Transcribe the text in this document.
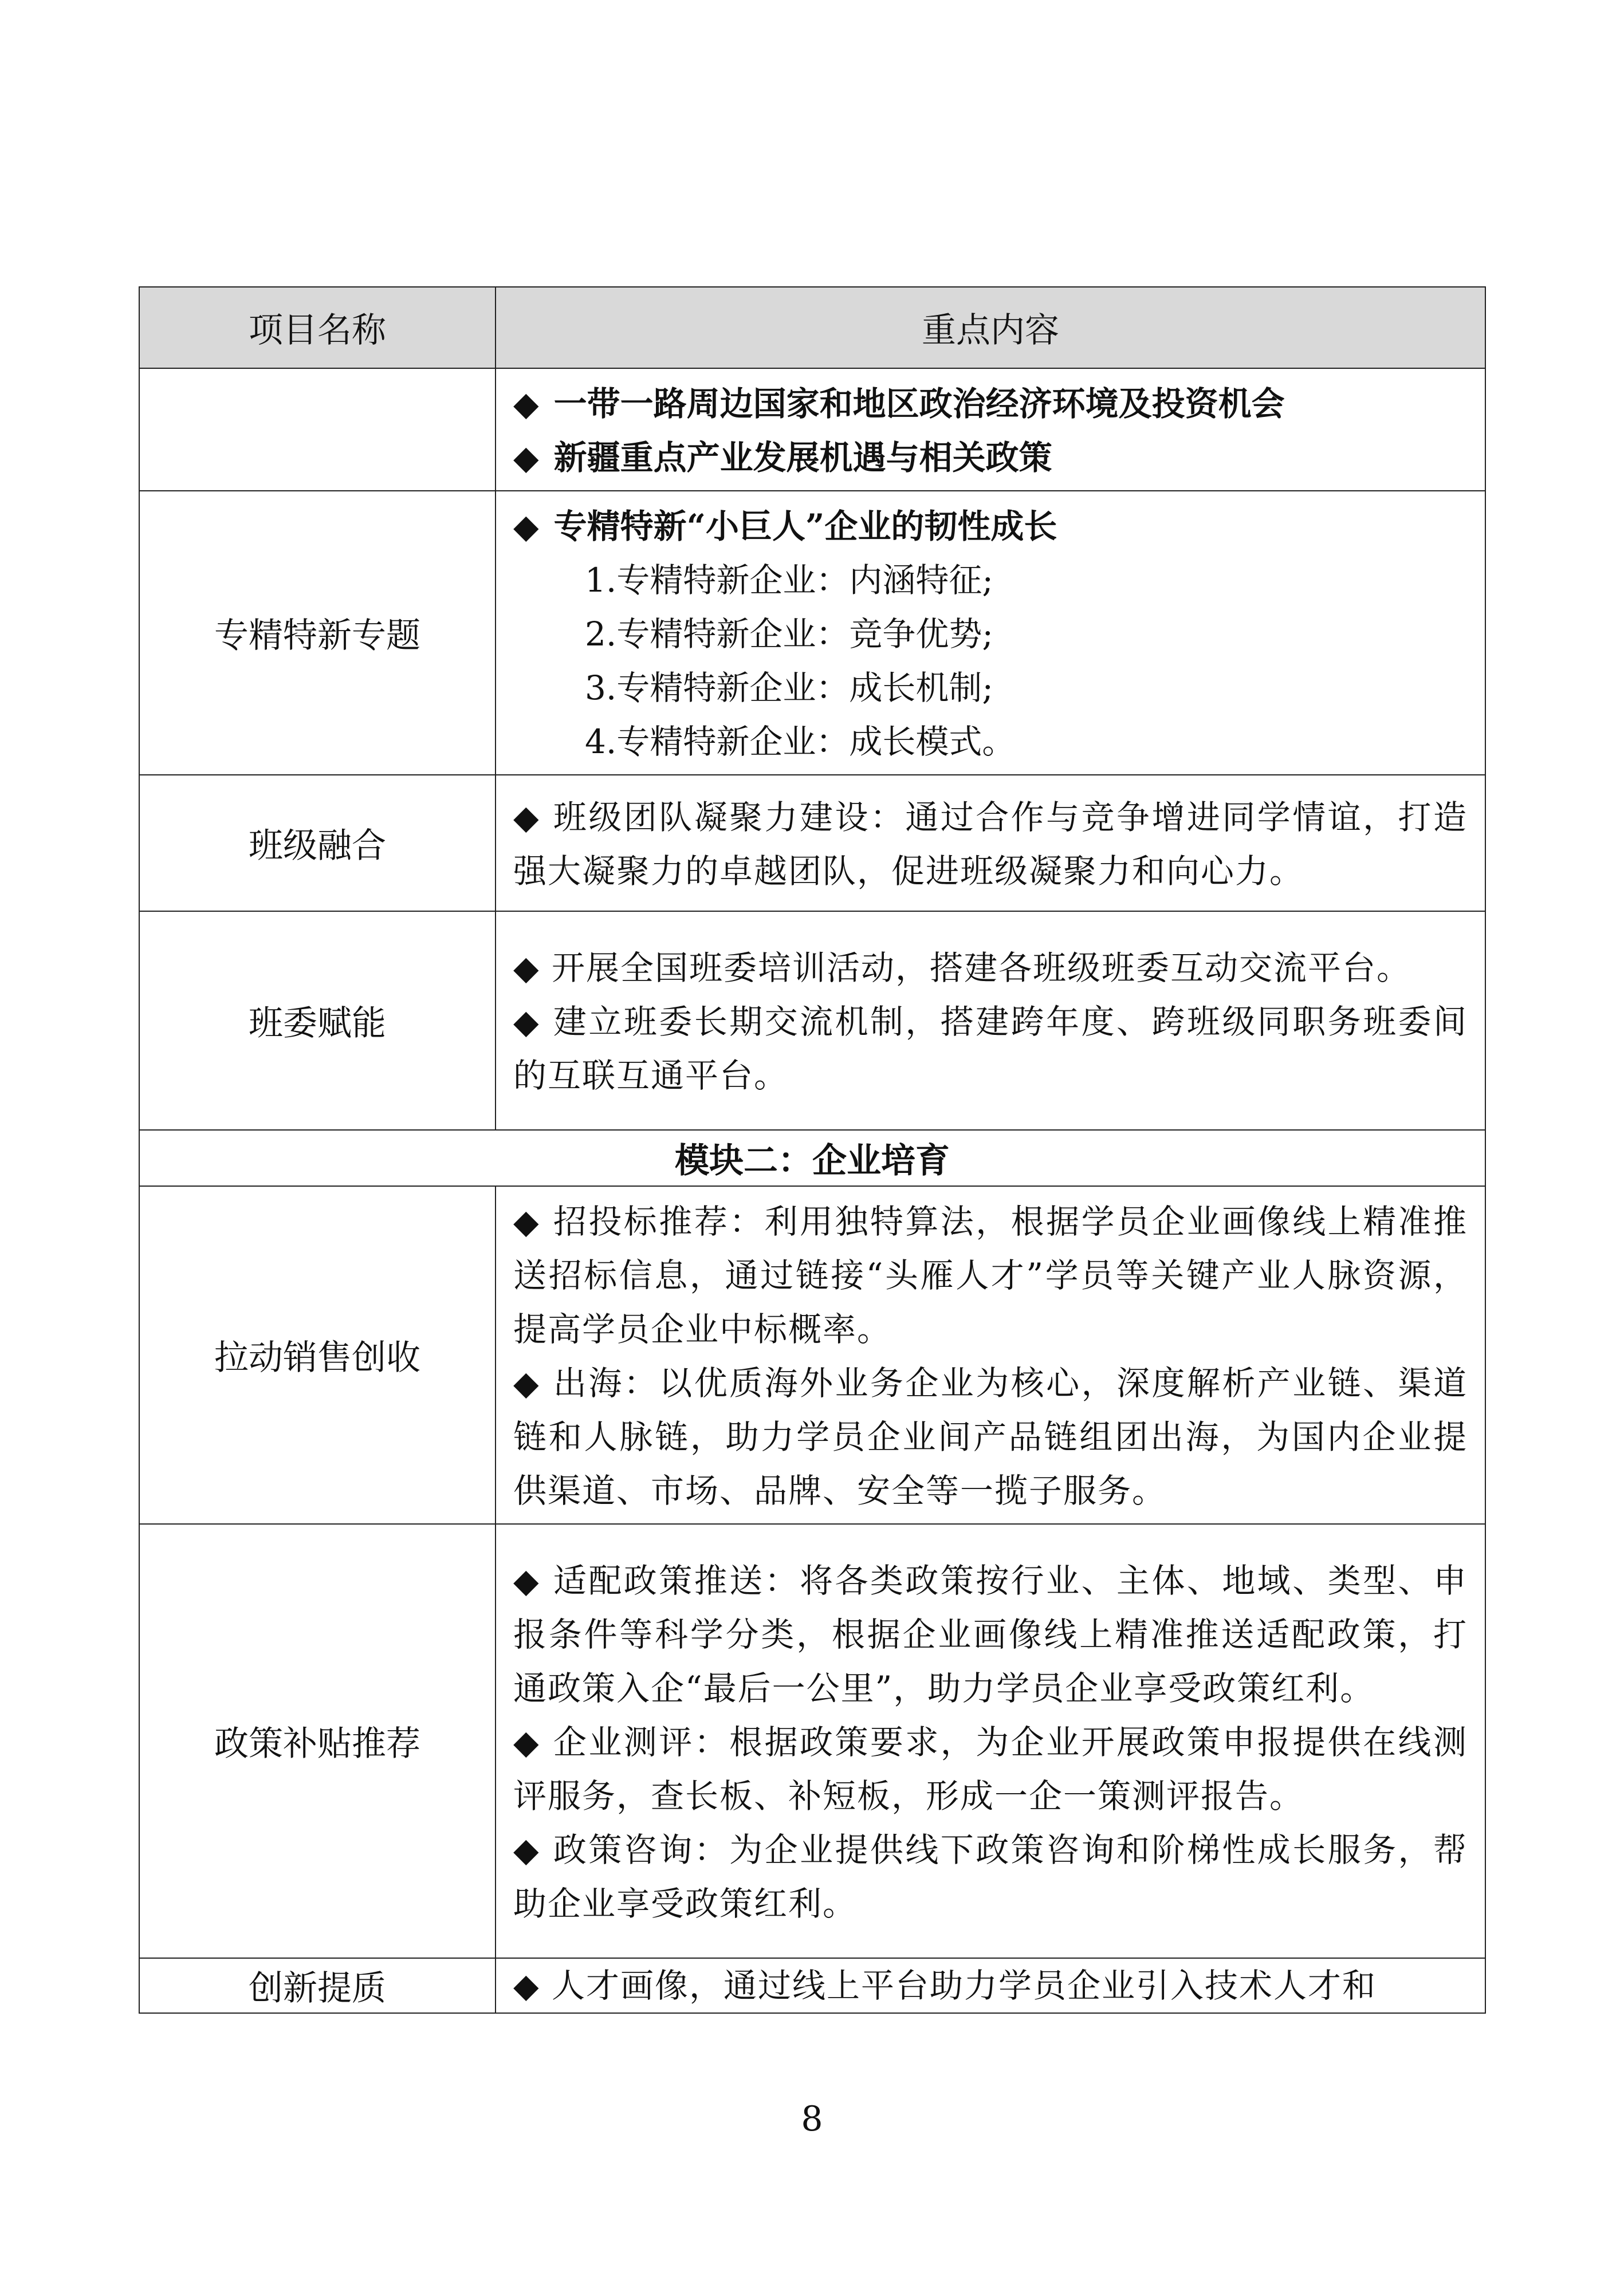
项目名称	重点内容

	◆ 一带一路周边国家和地区政治经济环境及投资机会
◆ 新疆重点产业发展机遇与相关政策

专精特新专题	◆ 专精特新“小巨人”企业的韧性成长
1.专精特新企业：内涵特征;
2.专精特新企业：竞争优势;
3.专精特新企业：成长机制;
4.专精特新企业：成长模式。

班级融合	◆ 班级团队凝聚力建设：通过合作与竞争增进同学情谊，打造强大凝聚力的卓越团队，促进班级凝聚力和向心力。

班委赋能	◆ 开展全国班委培训活动，搭建各班级班委互动交流平台。
◆ 建立班委长期交流机制，搭建跨年度、跨班级同职务班委间的互联互通平台。

模块二：企业培育	
拉动销售创收	◆ 招投标推荐：利用独特算法，根据学员企业画像线上精准推送招标信息，通过链接“头雁人才”学员等关键产业人脉资源，提高学员企业中标概率。
◆ 出海：以优质海外业务企业为核心，深度解析产业链、渠道链和人脉链，助力学员企业间产品链组团出海，为国内企业提供渠道、市场、品牌、安全等一揽子服务。

政策补贴推荐	◆ 适配政策推送：将各类政策按行业、主体、地域、类型、申报条件等科学分类，根据企业画像线上精准推送适配政策，打通政策入企“最后一公里”，助力学员企业享受政策红利。
◆ 企业测评：根据政策要求，为企业开展政策申报提供在线测评服务，查长板、补短板，形成一企一策测评报告。
◆ 政策咨询：为企业提供线下政策咨询和阶梯性成长服务，帮助企业享受政策红利。

创新提质	◆ 人才画像，通过线上平台助力学员企业引入技术人才和
8
